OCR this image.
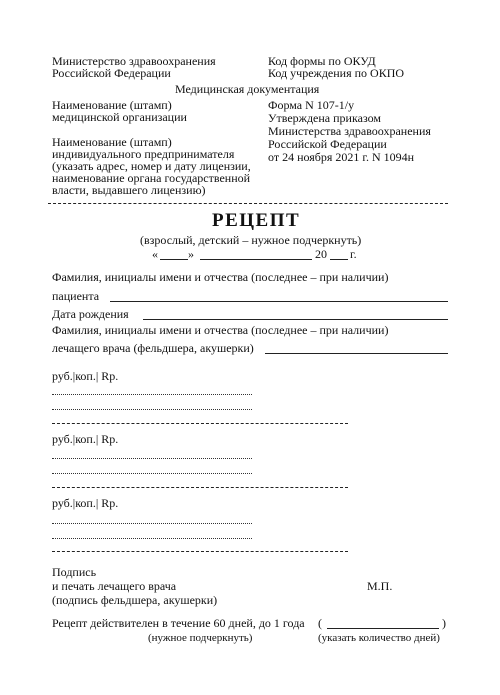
Министерство здравоохранения
Российской Федерации
Код формы по ОКУД
Код учреждения по ОКПО
Медицинская документация
Наименование (штамп)
медицинской организации
Форма N 107-1/у
Утверждена приказом
Министерства здравоохранения
Российской Федерации
от 24 ноября 2021 г. N 1094н
Наименование (штамп)
индивидуального предпринимателя
(указать адрес, номер и дату лицензии,
наименование органа государственной
власти, выдавшего лицензию)
РЕЦЕПТ
(взрослый, детский – нужное подчеркнуть)
«	»	20 г.
Фамилия, инициалы имени и отчества (последнее – при наличии)
пациента
Дата рождения
Фамилия, инициалы имени и отчества (последнее – при наличии)
лечащего врача (фельдшера, акушерки)
руб.|коп.| Rp.
руб.|коп.| Rp.
руб.|коп.| Rp.
Подпись
и печать лечащего врача
(подпись фельдшера, акушерки)
М.П.
Рецепт действителен в течение 60 дней, до 1 года (	)
(нужное подчеркнуть)	(указать количество дней)
